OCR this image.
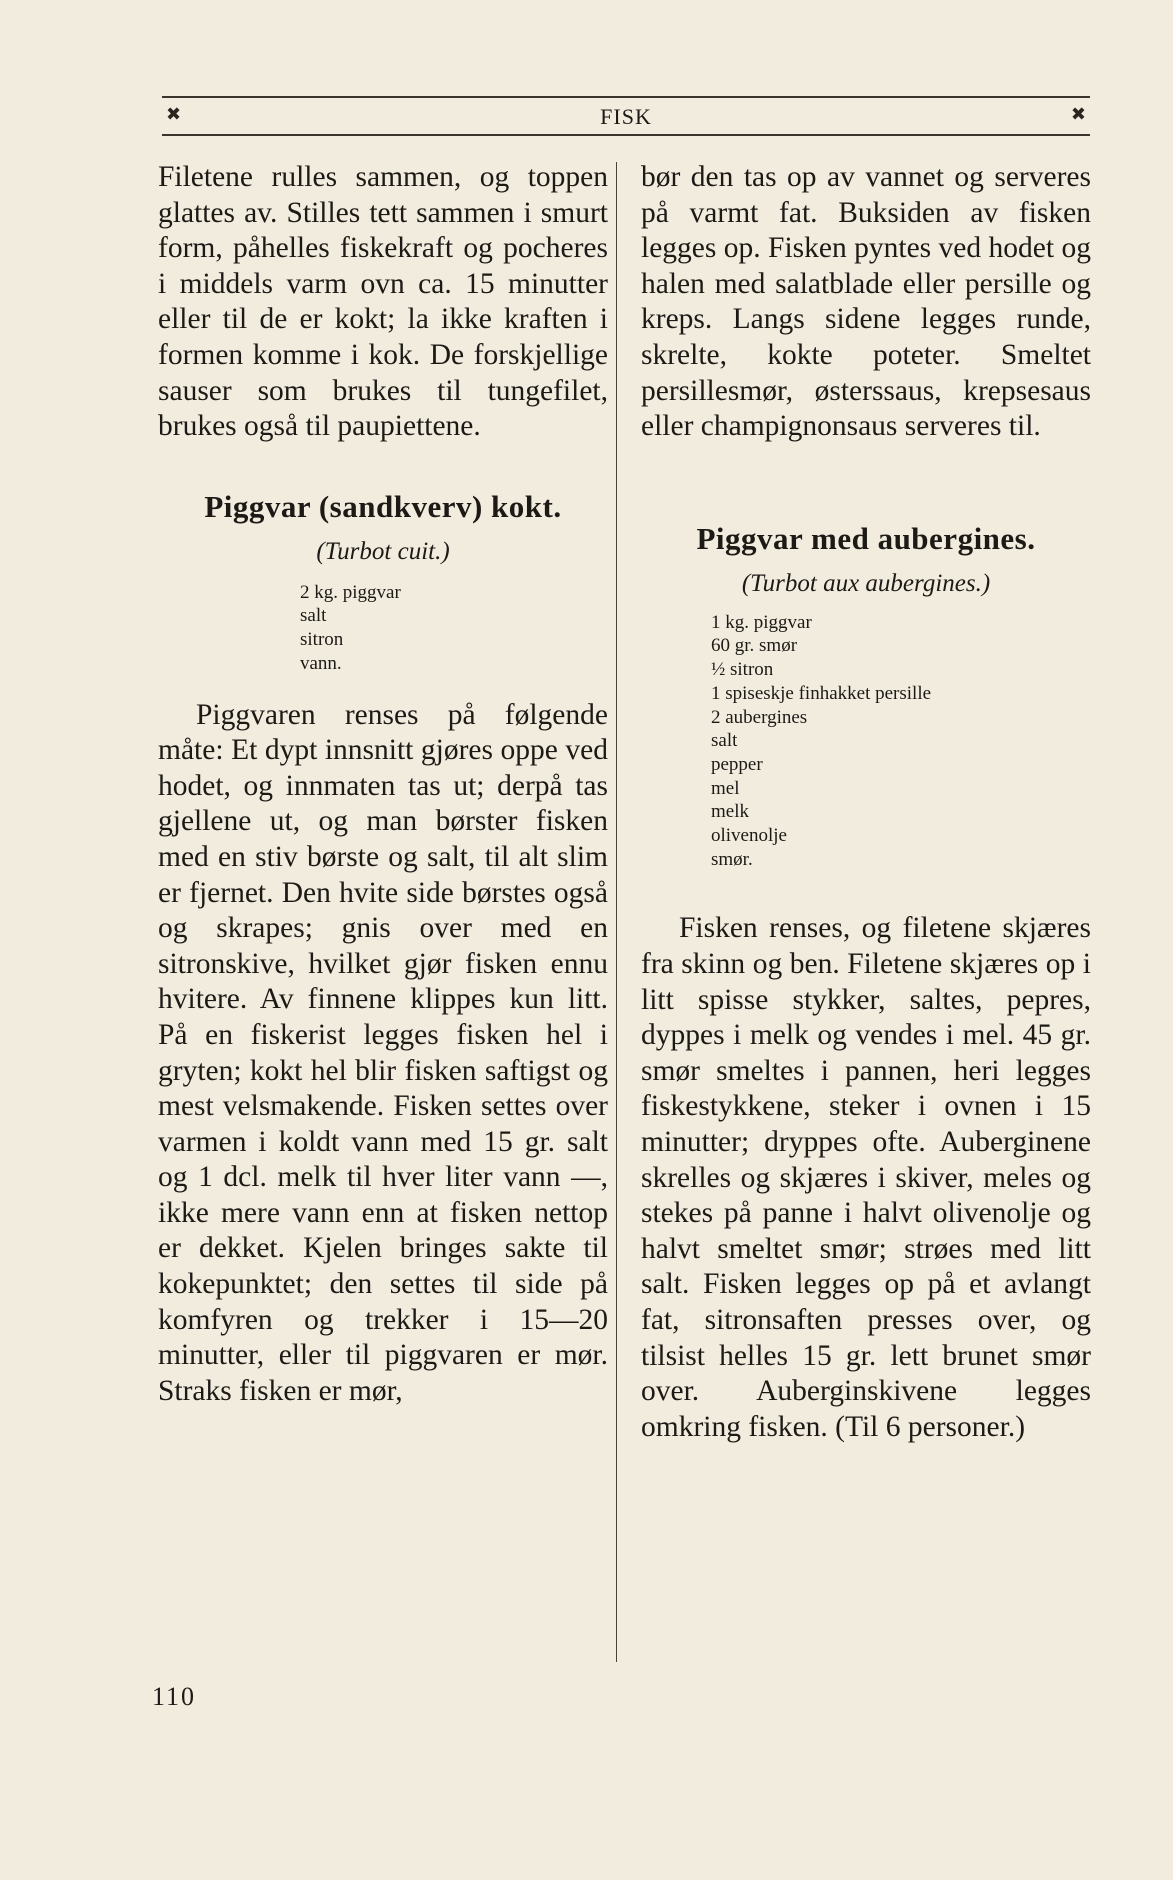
✖	FISK	✖

Filetene rulles sammen, og toppen glattes av. Stilles tett sammen i smurt form, påhelles fiskekraft og pocheres i middels varm ovn ca. 15 minutter eller til de er kokt; la ikke kraften i formen komme i kok. De forskjellige sauser som brukes til tungefilet, brukes også til paupiettene.

Piggvar (sandkverv) kokt.
(Turbot cuit.)
2 kg. piggvar
salt
sitron
vann.

Piggvaren renses på følgende måte: Et dypt innsnitt gjøres oppe ved hodet, og innmaten tas ut; derpå tas gjellene ut, og man børster fisken med en stiv børste og salt, til alt slim er fjernet. Den hvite side børstes også og skrapes; gnis over med en sitronskive, hvilket gjør fisken ennu hvitere. Av finnene klippes kun litt. På en fiskerist legges fisken hel i gryten; kokt hel blir fisken saftigst og mest velsmakende. Fisken settes over varmen i koldt vann med 15 gr. salt og 1 dcl. melk til hver liter vann —, ikke mere vann enn at fisken nettop er dekket. Kjelen bringes sakte til kokepunktet; den settes til side på komfyren og trekker i 15—20 minutter, eller til piggvaren er mør. Straks fisken er mør,

bør den tas op av vannet og serveres på varmt fat. Buksiden av fisken legges op. Fisken pyntes ved hodet og halen med salatblade eller persille og kreps. Langs sidene legges runde, skrelte, kokte poteter. Smeltet persillesmør, østerssaus, krepsesaus eller champignonsaus serveres til.

Piggvar med aubergines.
(Turbot aux aubergines.)
1 kg. piggvar
60 gr. smør
½ sitron
1 spiseskje finhakket persille
2 aubergines
salt
pepper
mel
melk
olivenolje
smør.

Fisken renses, og filetene skjæres fra skinn og ben. Filetene skjæres op i litt spisse stykker, saltes, pepres, dyppes i melk og vendes i mel. 45 gr. smør smeltes i pannen, heri legges fiskestykkene, steker i ovnen i 15 minutter; dryppes ofte. Auberginene skrelles og skjæres i skiver, meles og stekes på panne i halvt olivenolje og halvt smeltet smør; strøes med litt salt. Fisken legges op på et avlangt fat, sitronsaften presses over, og tilsist helles 15 gr. lett brunet smør over. Auberginskivene legges omkring fisken. (Til 6 personer.)

110
